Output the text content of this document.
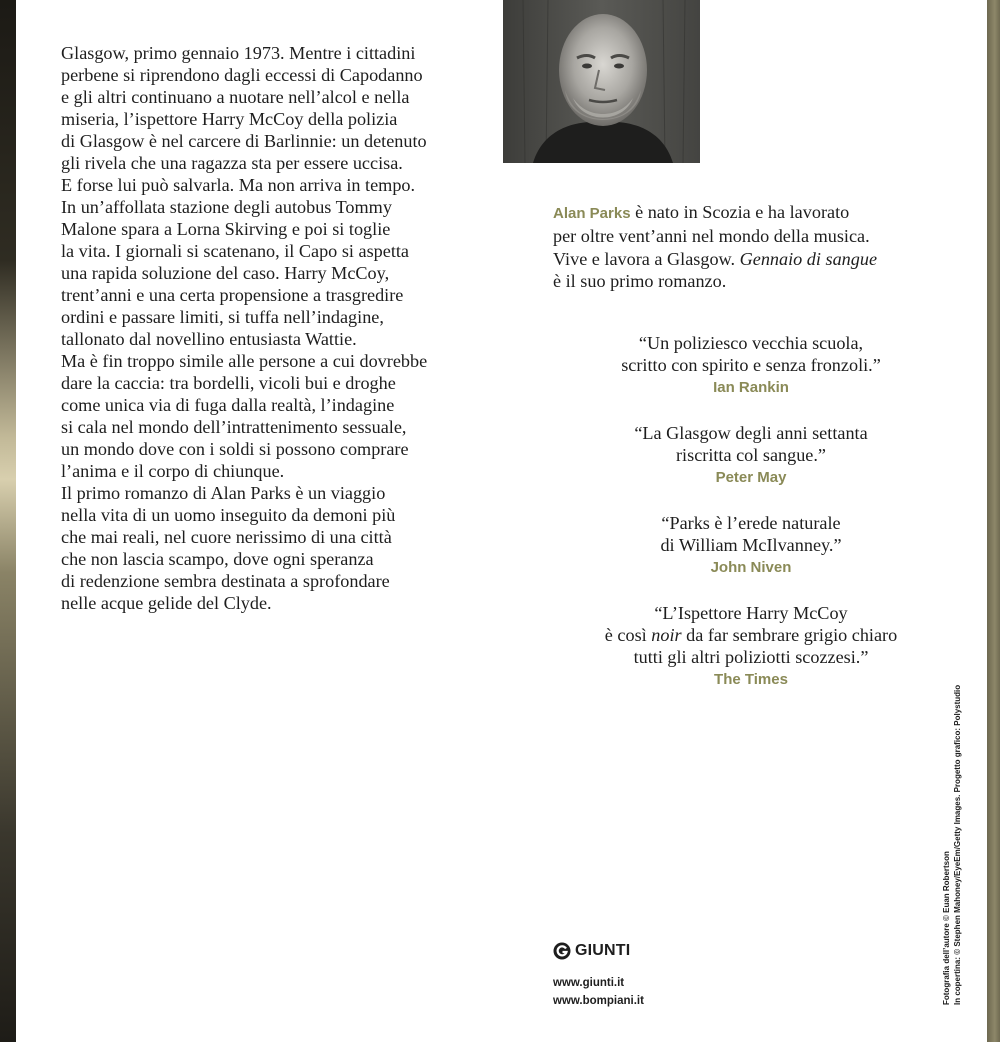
Glasgow, primo gennaio 1973. Mentre i cittadini
perbene si riprendono dagli eccessi di Capodanno
e gli altri continuano a nuotare nell’alcol e nella
miseria, l’ispettore Harry McCoy della polizia
di Glasgow è nel carcere di Barlinnie: un detenuto
gli rivela che una ragazza sta per essere uccisa.
E forse lui può salvarla. Ma non arriva in tempo.
In un’affollata stazione degli autobus Tommy
Malone spara a Lorna Skirving e poi si toglie
la vita. I giornali si scatenano, il Capo si aspetta
una rapida soluzione del caso. Harry McCoy,
trent’anni e una certa propensione a trasgredire
ordini e passare limiti, si tuffa nell’indagine,
tallonato dal novellino entusiasta Wattie.
Ma è fin troppo simile alle persone a cui dovrebbe
dare la caccia: tra bordelli, vicoli bui e droghe
come unica via di fuga dalla realtà, l’indagine
si cala nel mondo dell’intrattenimento sessuale,
un mondo dove con i soldi si possono comprare
l’anima e il corpo di chiunque.
Il primo romanzo di Alan Parks è un viaggio
nella vita di un uomo inseguito da demoni più
che mai reali, nel cuore nerissimo di una città
che non lascia scampo, dove ogni speranza
di redenzione sembra destinata a sprofondare
nelle acque gelide del Clyde.

Alan Parks è nato in Scozia e ha lavorato
per oltre vent’anni nel mondo della musica.
Vive e lavora a Glasgow. Gennaio di sangue
è il suo primo romanzo.

“Un poliziesco vecchia scuola,
scritto con spirito e senza fronzoli.”
Ian Rankin
“La Glasgow degli anni settanta
riscritta col sangue.”
Peter May
“Parks è l’erede naturale
di William McIlvanney.”
John Niven
“L’Ispettore Harry McCoy
è così noir da far sembrare grigio chiaro
tutti gli altri poliziotti scozzesi.”
The Times
GIUNTI
www.giunti.it
www.bompiani.it	Fotografia dell’autore © Euan Robertson In copertina: © Stephen Mahoney/EyeEm/Getty Images. Progetto grafico: Polystudio
